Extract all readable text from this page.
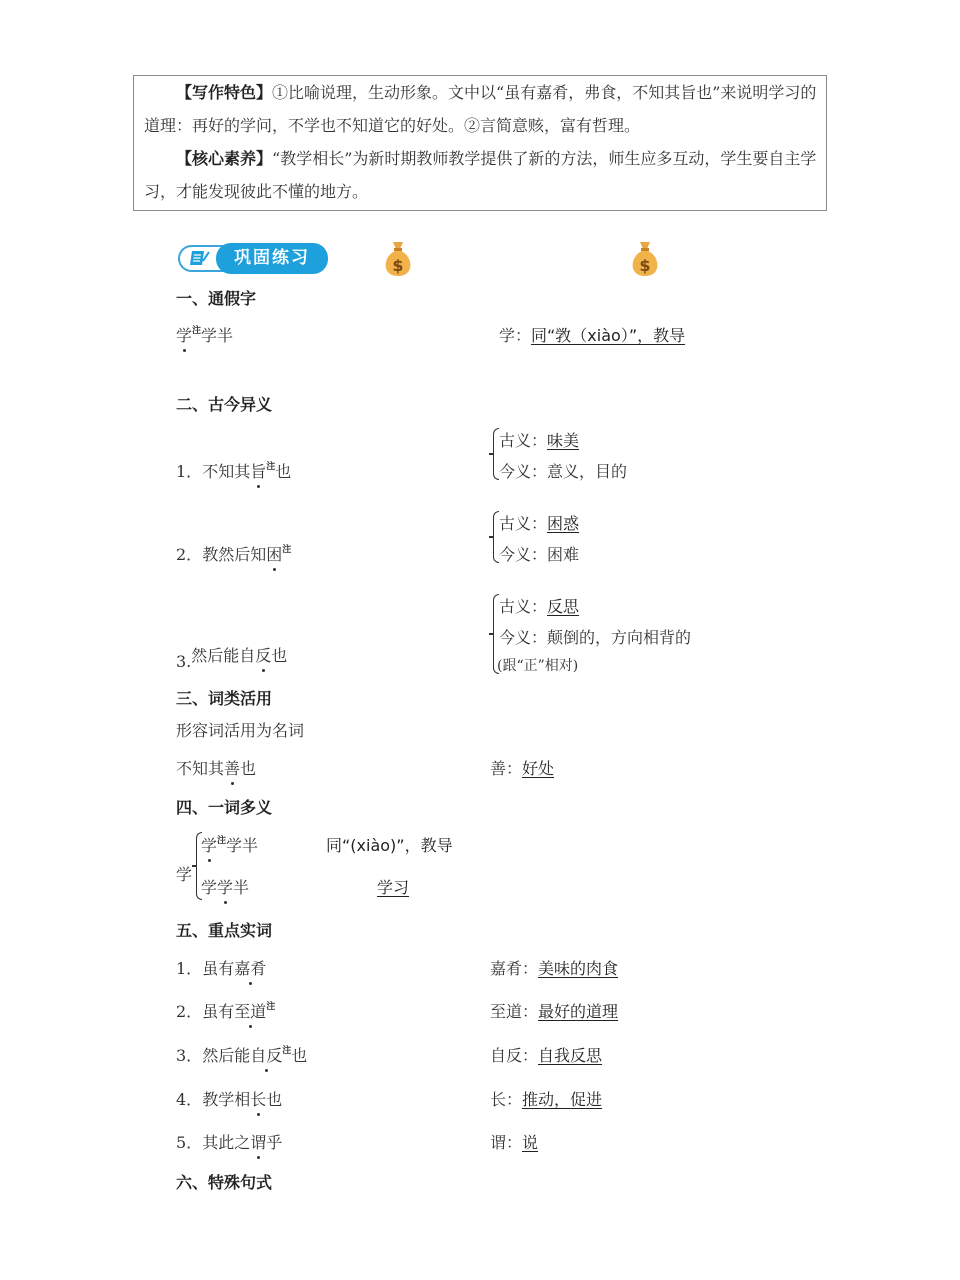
【写作特色】①比喻说理，生动形象。文中以“虽有嘉肴，弗食，不知其旨也”来说明学习的道理：再好的学问，不学也不知道它的好处。②言简意赅，富有哲理。
【核心素养】“教学相长”为新时期教师教学提供了新的方法，师生应多互动，学生要自主学习，才能发现彼此不懂的地方。
巩固练习	$	$
一、通假字
学$^注$学半	学：同“敩（xiào）”，教导
二、古今异义
1．不知其旨$^注$也
古义：味美
今义：意义，目的
2．教然后知困$^注$
古义：困惑
今义：困难
3.然后能自反也
古义：反思
今义：颠倒的，方向相背的
(跟“正”相对)
三、词类活用
形容词活用为名词
不知其善也	善：好处
四、一词多义
学
学$^注$学半	同“(xiào)”，教导
学学半	学习
五、重点实词
1．虽有嘉肴	嘉肴：美味的肉食
2．虽有至道$^注$	至道：最好的道理
3．然后能自反$^注$也	自反：自我反思
4．教学相长也	长：推动，促进
5．其此之谓乎	谓：说
六、特殊句式
